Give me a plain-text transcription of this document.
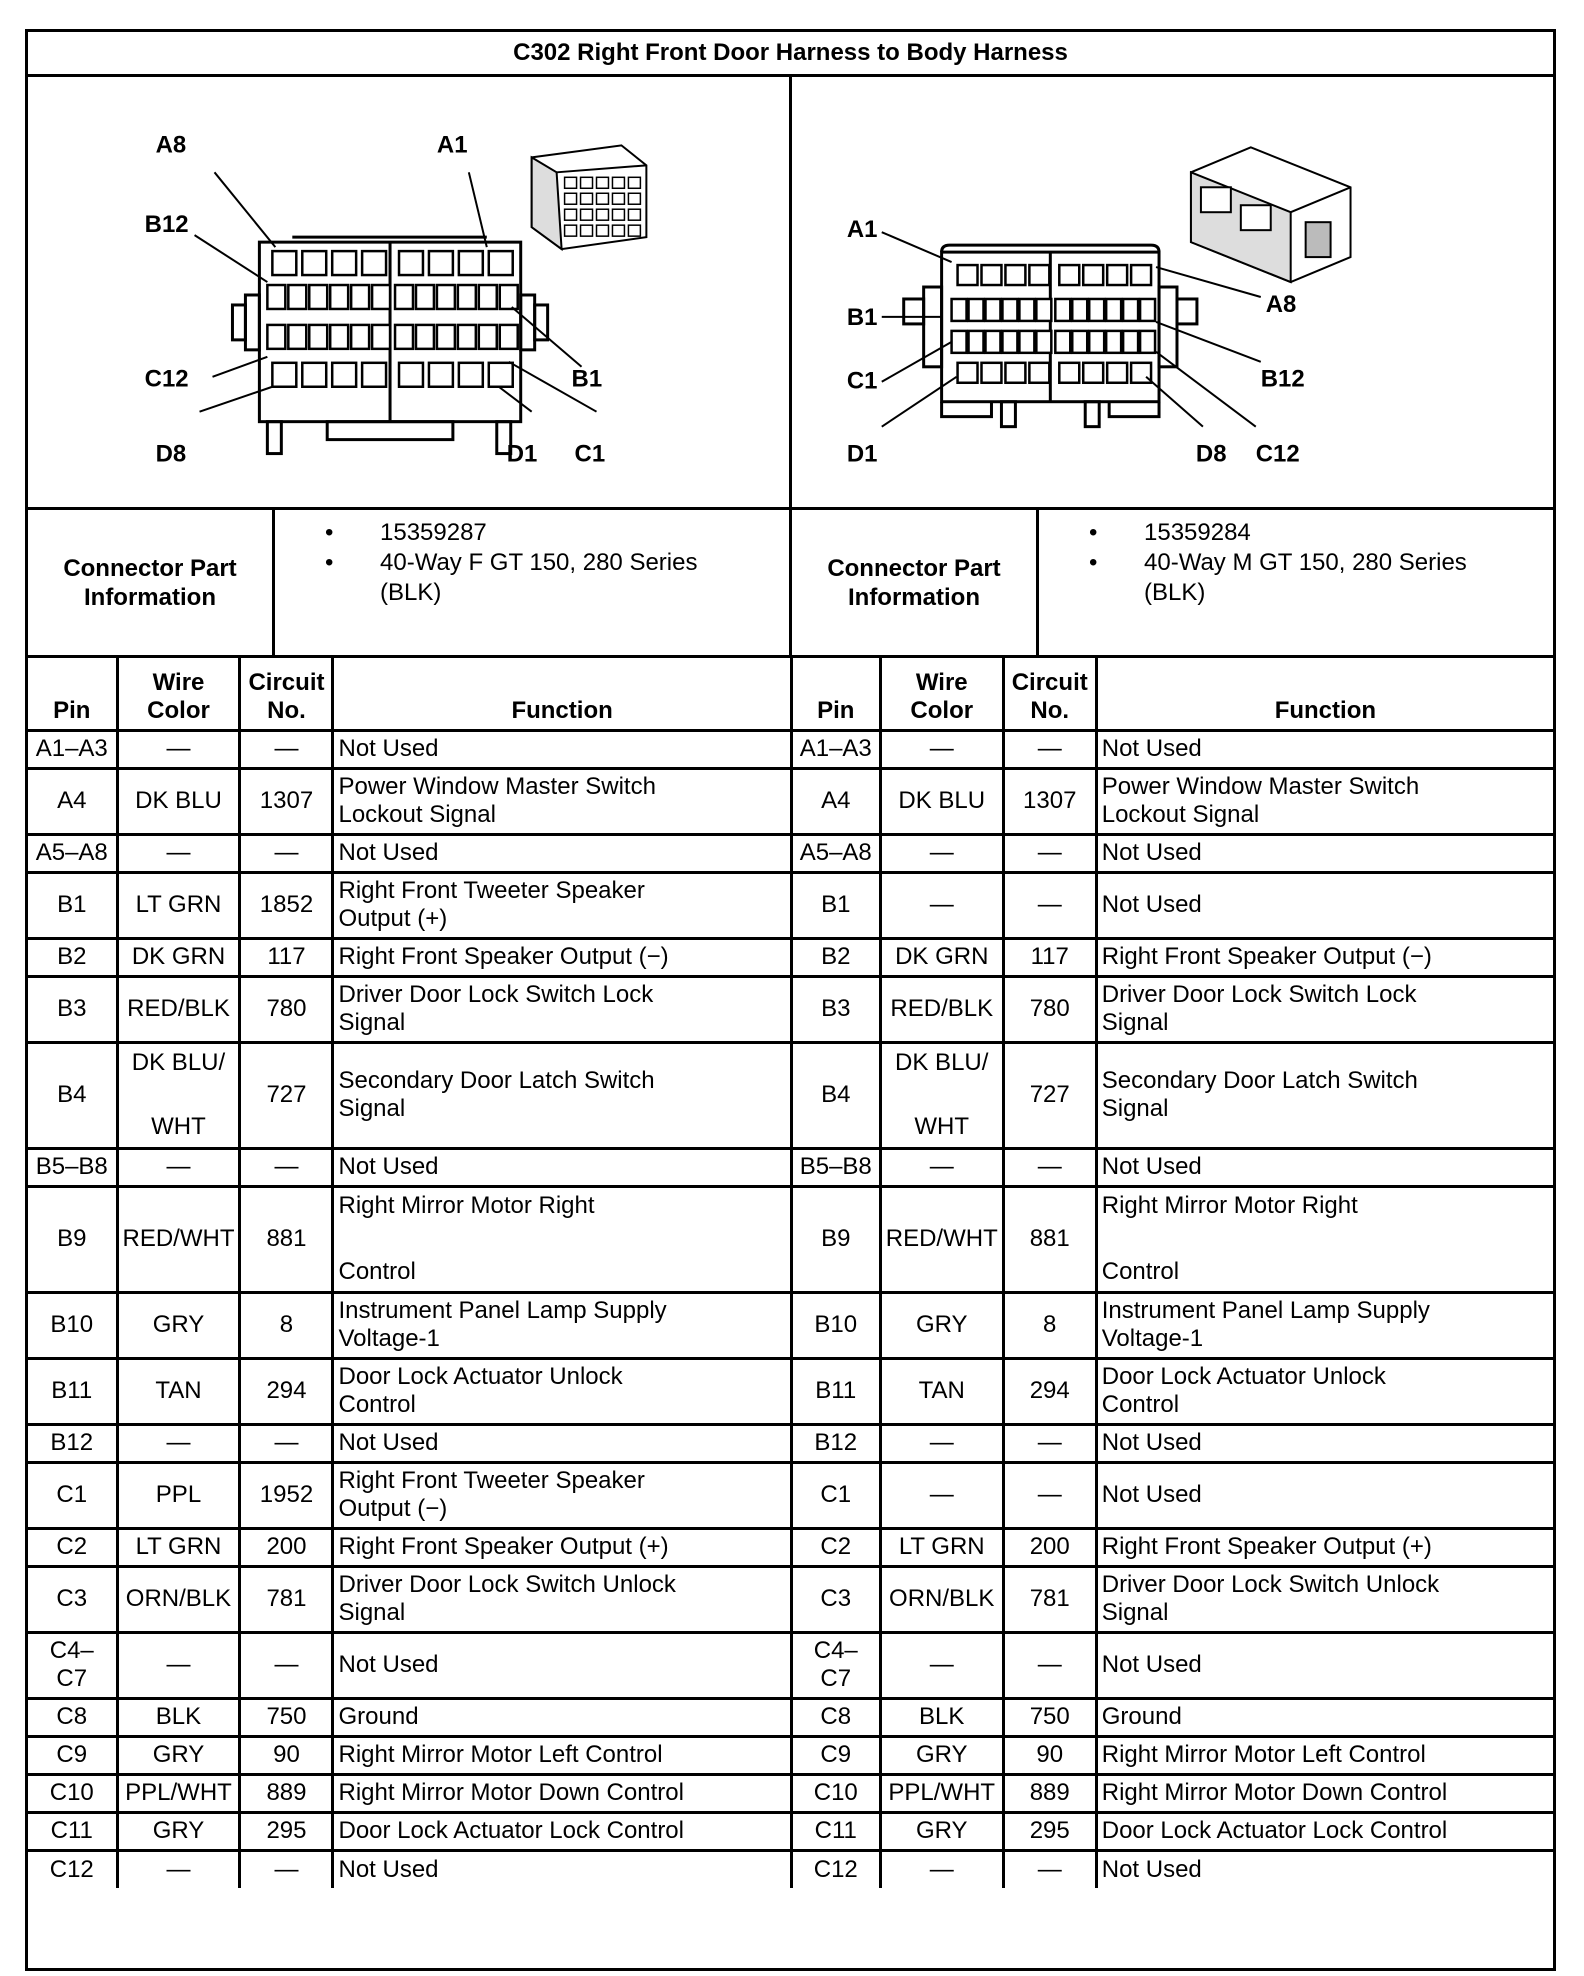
C302 Right Front Door Harness to Body Harness
A8	A1
B12
C12	B1
D8	D1 C1
A1
B1
C1
D1
A8
B12
D8 C12
Connector Part
Information
•	15359287
•	40-Way F GT 150, 280 Series
(BLK)
Connector Part
Information
•	15359284
•	40-Way M GT 150, 280 Series
(BLK)
Pin	Wire Color	Circuit
No.	Function
A1–A3	—	—	Not Used
A4	DK BLU	1307	Power Window Master Switch
Lockout Signal

A5–A8	—	—	Not Used
B1	LT GRN	1852	Right Front Tweeter Speaker
Output (+)

B2	DK GRN	117	Right Front Speaker Output (−)
B3	RED/BLK	780	Driver Door Lock Switch Lock
Signal

B4	DK BLU/
WHT	727	Secondary Door Latch Switch
Signal

B5–B8	—	—	Not Used
B9	RED/WHT	881	Right Mirror Motor Right
Control

B10	GRY	8	Instrument Panel Lamp Supply
Voltage-1

B11	TAN	294	Door Lock Actuator Unlock
Control

B12	—	—	Not Used
C1	PPL	1952	Right Front Tweeter Speaker
Output (−)

C2	LT GRN	200	Right Front Speaker Output (+)
C3	ORN/BLK	781	Driver Door Lock Switch Unlock
Signal

C4–
C7	—	—	Not Used
C8	BLK	750	Ground
C9	GRY	90	Right Mirror Motor Left Control
C10	PPL/WHT	889	Right Mirror Motor Down Control
C11	GRY	295	Door Lock Actuator Lock Control
C12	—	—	Not Used
Pin	Wire Color	Circuit
No.	Function
A1–A3	—	—	Not Used
A4	DK BLU	1307	Power Window Master Switch
Lockout Signal

A5–A8	—	—	Not Used
B1	—	—	Not Used
B2	DK GRN	117	Right Front Speaker Output (−)
B3	RED/BLK	780	Driver Door Lock Switch Lock
Signal

B4	DK BLU/
WHT	727	Secondary Door Latch Switch
Signal

B5–B8	—	—	Not Used
B9	RED/WHT	881	Right Mirror Motor Right
Control

B10	GRY	8	Instrument Panel Lamp Supply
Voltage-1

B11	TAN	294	Door Lock Actuator Unlock
Control

B12	—	—	Not Used
C1	—	—	Not Used
C2	LT GRN	200	Right Front Speaker Output (+)
C3	ORN/BLK	781	Driver Door Lock Switch Unlock
Signal

C4–
C7	—	—	Not Used
C8	BLK	750	Ground
C9	GRY	90	Right Mirror Motor Left Control
C10	PPL/WHT	889	Right Mirror Motor Down Control
C11	GRY	295	Door Lock Actuator Lock Control
C12	—	—	Not Used
